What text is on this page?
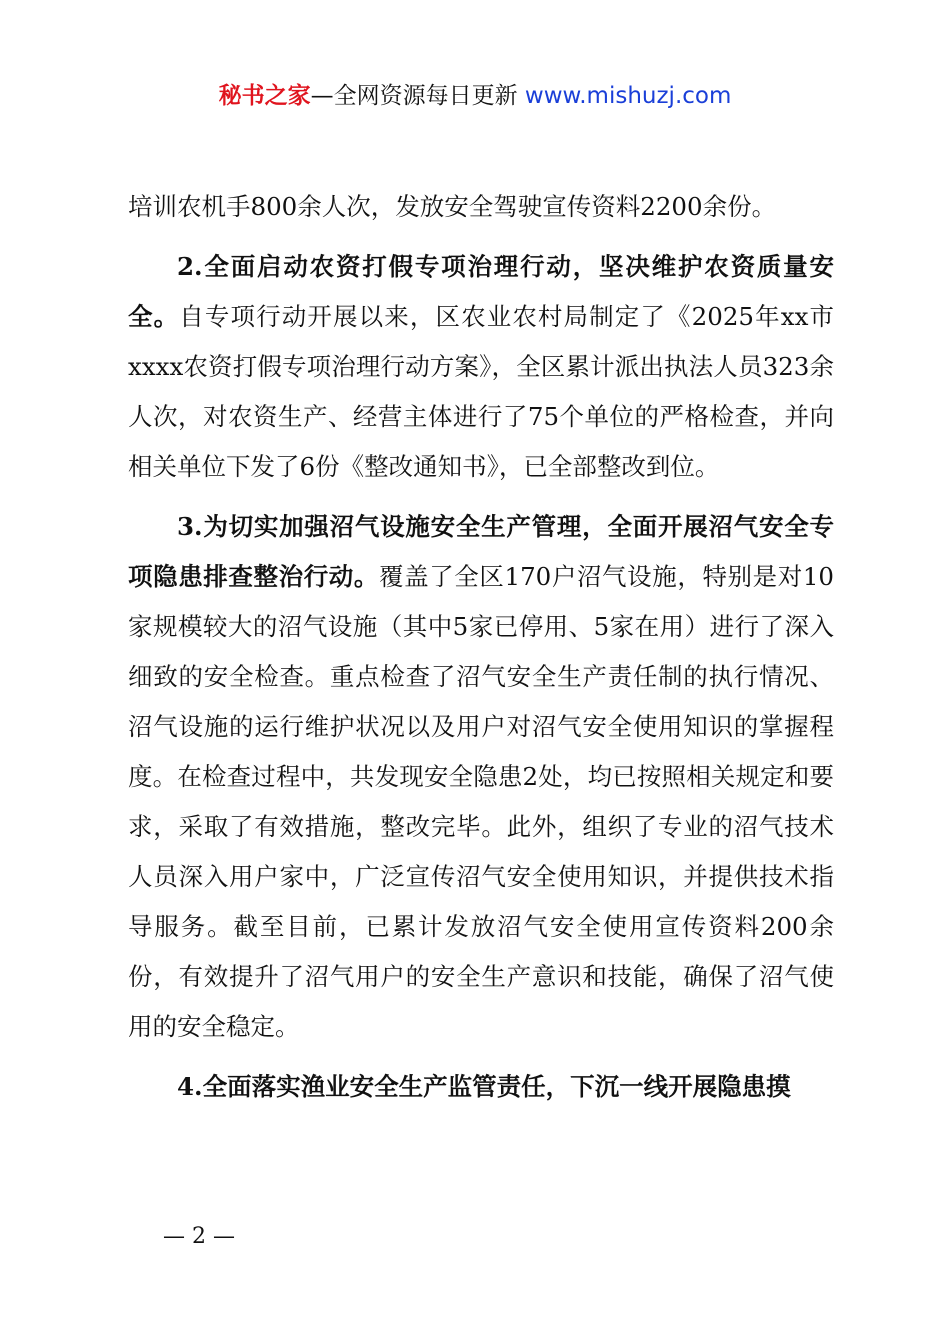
秘书之家—全网资源每日更新 www.mishuzj.com

培训农机手800余人次，发放安全驾驶宣传资料2200余份。

2.全面启动农资打假专项治理行动，坚决维护农资质量安全。自专项行动开展以来，区农业农村局制定了《2025年xx市xxxx农资打假专项治理行动方案》，全区累计派出执法人员323余人次，对农资生产、经营主体进行了75个单位的严格检查，并向相关单位下发了6份《整改通知书》，已全部整改到位。

3.为切实加强沼气设施安全生产管理，全面开展沼气安全专项隐患排查整治行动。覆盖了全区170户沼气设施，特别是对10家规模较大的沼气设施（其中5家已停用、5家在用）进行了深入细致的安全检查。重点检查了沼气安全生产责任制的执行情况、沼气设施的运行维护状况以及用户对沼气安全使用知识的掌握程度。在检查过程中，共发现安全隐患2处，均已按照相关规定和要求，采取了有效措施，整改完毕。此外，组织了专业的沼气技术人员深入用户家中，广泛宣传沼气安全使用知识，并提供技术指导服务。截至目前，已累计发放沼气安全使用宣传资料200余份，有效提升了沼气用户的安全生产意识和技能，确保了沼气使用的安全稳定。

4.全面落实渔业安全生产监管责任，下沉一线开展隐患摸

— 2 —
